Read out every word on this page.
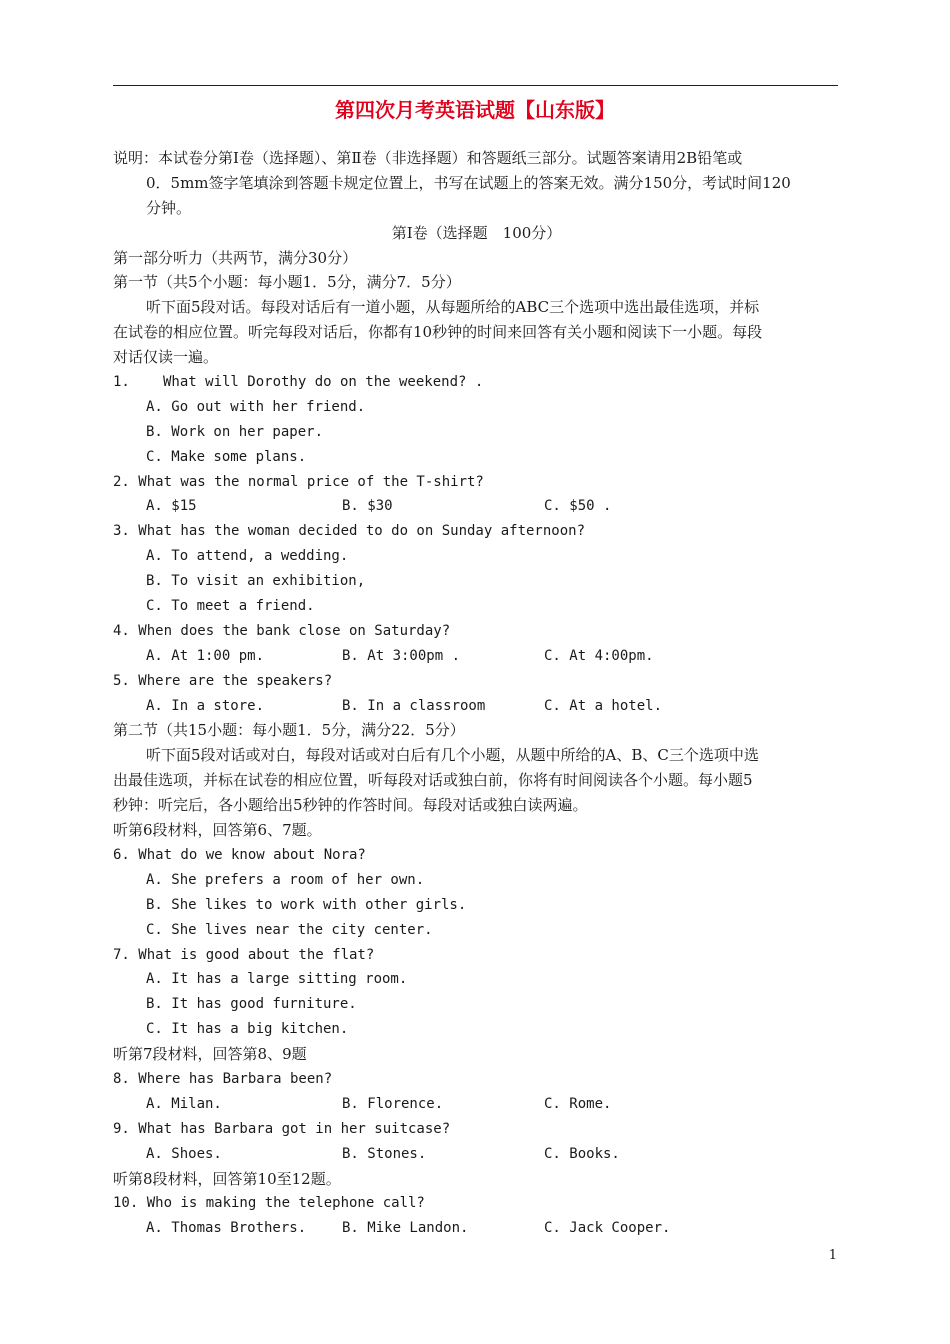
第四次月考英语试题【山东版】
说明：本试卷分第Ⅰ卷（选择题）、第Ⅱ卷（非选择题）和答题纸三部分。试题答案请用2B铅笔或
0．5mm签字笔填涂到答题卡规定位置上，书写在试题上的答案无效。满分150分，考试时间120
分钟。
第Ⅰ卷（选择题　100分）
第一部分听力（共两节，满分30分）
第一节（共5个小题：每小题1．5分，满分7．5分）
听下面5段对话。每段对话后有一道小题，从每题所给的ABC三个选项中选出最佳选项，并标
在试卷的相应位置。听完每段对话后，你都有10秒钟的时间来回答有关小题和阅读下一小题。每段
对话仅读一遍。
1. What will Dorothy do on the weekend? .
A. Go out with her friend.
B. Work on her paper.
C. Make some plans.
2. What was the normal price of the T-shirt?
A. $15	B. $30	C. $50 .
3. What has the woman decided to do on Sunday afternoon?
A. To attend, a wedding.
B. To visit an exhibition,
C. To meet a friend.
4. When does the bank close on Saturday?
A. At 1:00 pm.	B. At 3:00pm .	C. At 4:00pm.
5. Where are the speakers?
A. In a store.	B. In a classroom	C. At a hotel.
第二节（共15小题：每小题1．5分，满分22．5分）
听下面5段对话或对白，每段对话或对白后有几个小题，从题中所给的A、B、C三个选项中选
出最佳选项，并标在试卷的相应位置，听每段对话或独白前，你将有时间阅读各个小题。每小题5
秒钟：听完后，各小题给出5秒钟的作答时间。每段对话或独白读两遍。
听第6段材料，回答第6、7题。
6. What do we know about Nora?
A. She prefers a room of her own.
B. She likes to work with other girls.
C. She lives near the city center.
7. What is good about the flat?
A. It has a large sitting room.
B. It has good furniture.
C. It has a big kitchen.
听第7段材料，回答第8、9题
8. Where has Barbara been?
A. Milan.	B. Florence.	C. Rome.
9. What has Barbara got in her suitcase?
A. Shoes.	B. Stones.	C. Books.
听第8段材料，回答第10至12题。
10. Who is making the telephone call?
A. Thomas Brothers.	B. Mike Landon.	C. Jack Cooper.
1
